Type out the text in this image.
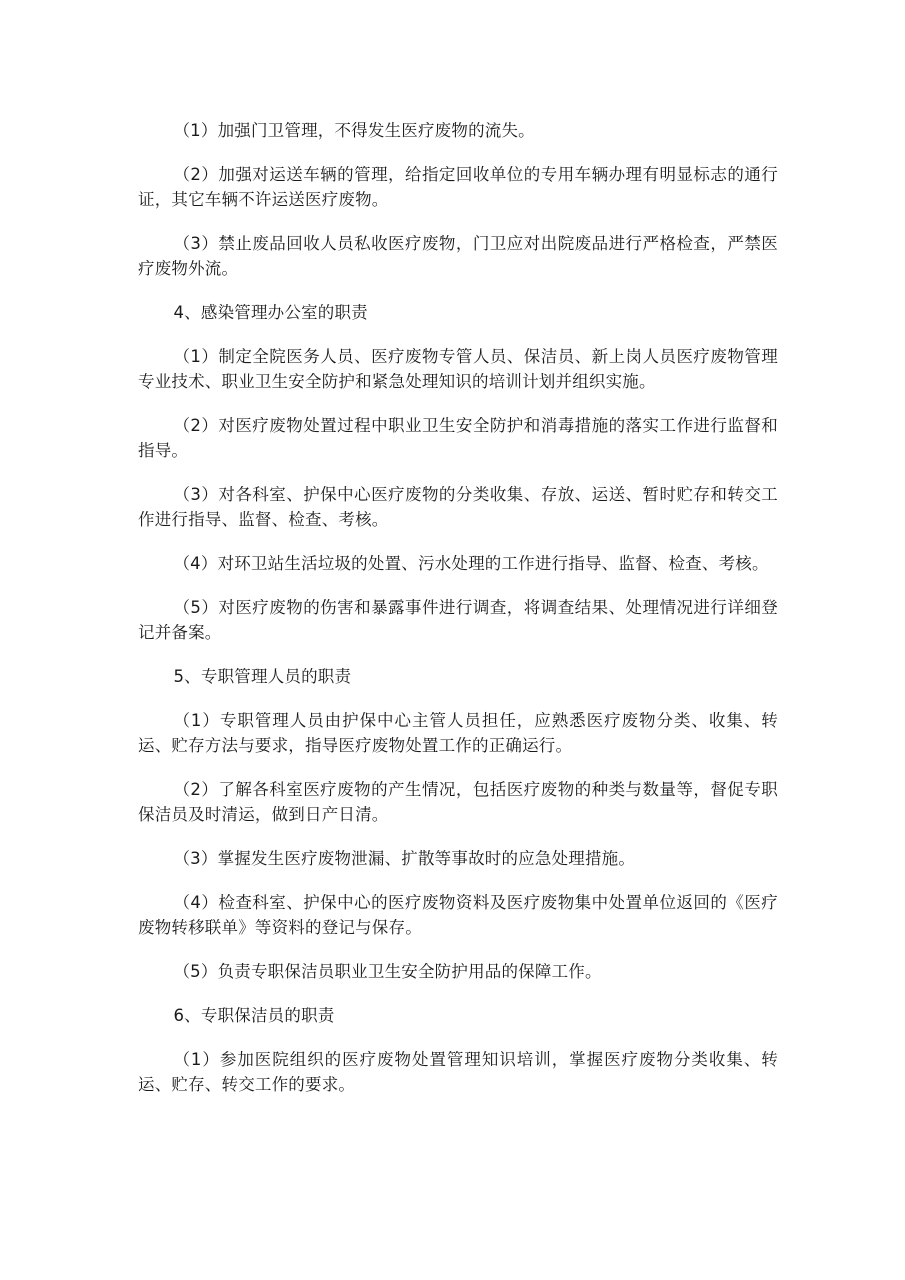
（1）加强门卫管理，不得发生医疗废物的流失。

（2）加强对运送车辆的管理，给指定回收单位的专用车辆办理有明显标志的通行证，其它车辆不许运送医疗废物。

（3）禁止废品回收人员私收医疗废物，门卫应对出院废品进行严格检查，严禁医疗废物外流。

4、感染管理办公室的职责

（1）制定全院医务人员、医疗废物专管人员、保洁员、新上岗人员医疗废物管理专业技术、职业卫生安全防护和紧急处理知识的培训计划并组织实施。

（2）对医疗废物处置过程中职业卫生安全防护和消毒措施的落实工作进行监督和指导。

（3）对各科室、护保中心医疗废物的分类收集、存放、运送、暂时贮存和转交工作进行指导、监督、检查、考核。

（4）对环卫站生活垃圾的处置、污水处理的工作进行指导、监督、检查、考核。

（5）对医疗废物的伤害和暴露事件进行调查，将调查结果、处理情况进行详细登记并备案。

5、专职管理人员的职责

（1）专职管理人员由护保中心主管人员担任，应熟悉医疗废物分类、收集、转运、贮存方法与要求，指导医疗废物处置工作的正确运行。

（2）了解各科室医疗废物的产生情况，包括医疗废物的种类与数量等，督促专职保洁员及时清运，做到日产日清。

（3）掌握发生医疗废物泄漏、扩散等事故时的应急处理措施。

（4）检查科室、护保中心的医疗废物资料及医疗废物集中处置单位返回的《医疗废物转移联单》等资料的登记与保存。

（5）负责专职保洁员职业卫生安全防护用品的保障工作。

6、专职保洁员的职责

（1）参加医院组织的医疗废物处置管理知识培训，掌握医疗废物分类收集、转运、贮存、转交工作的要求。
